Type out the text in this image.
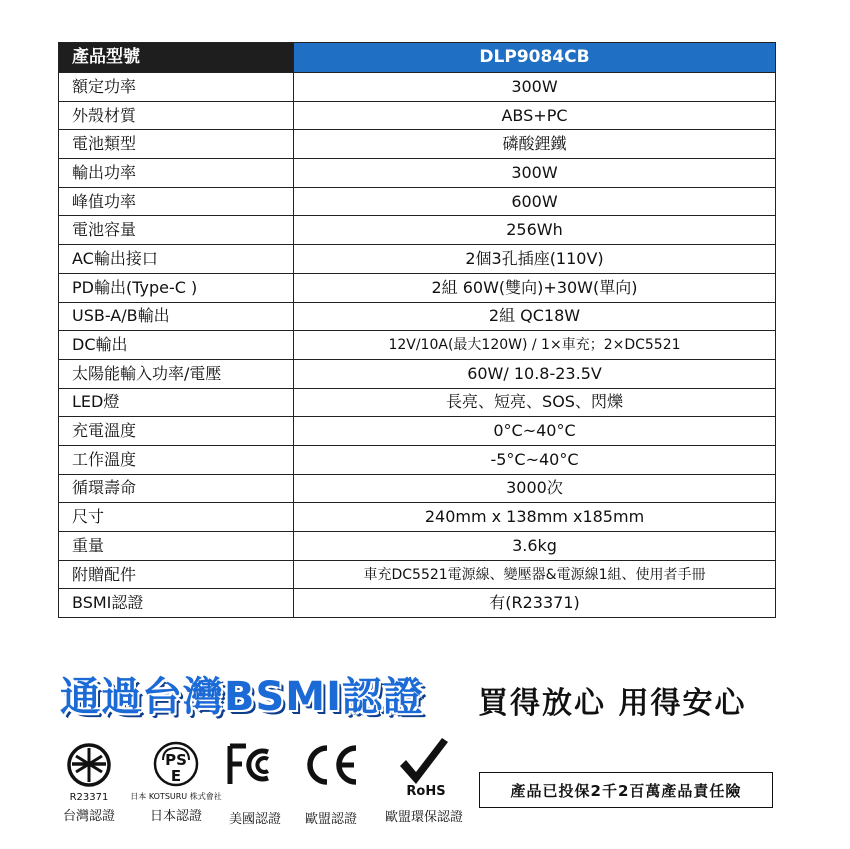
產品型號	DLP9084CB
額定功率	300W
外殼材質	ABS+PC
電池類型	磷酸鋰鐵
輸出功率	300W
峰值功率	600W
電池容量	256Wh
AC輸出接口	2個3孔插座(110V)
PD輸出(Type-C )	2組 60W(雙向)+30W(單向)
USB-A/B輸出	2組 QC18W
DC輸出	12V/10A(最大120W) / 1×車充；2×DC5521
太陽能輸入功率/電壓	60W/ 10.8-23.5V
LED燈	長亮、短亮、SOS、閃爍
充電溫度	0°C~40°C
工作溫度	-5°C~40°C
循環壽命	3000次
尺寸	240mm x 138mm x185mm
重量	3.6kg
附贈配件	車充DC5521電源線、變壓器&電源線1組、使用者手冊
BSMI認證	有(R23371)
通過台灣BSMI認證 買得放心 用得安心
R23371
台灣認證
PS
E
日本 KOTSURU 株式會社
日本認證	美國認證	歐盟認證
RoHS
歐盟環保認證
產品已投保2千2百萬產品責任險
